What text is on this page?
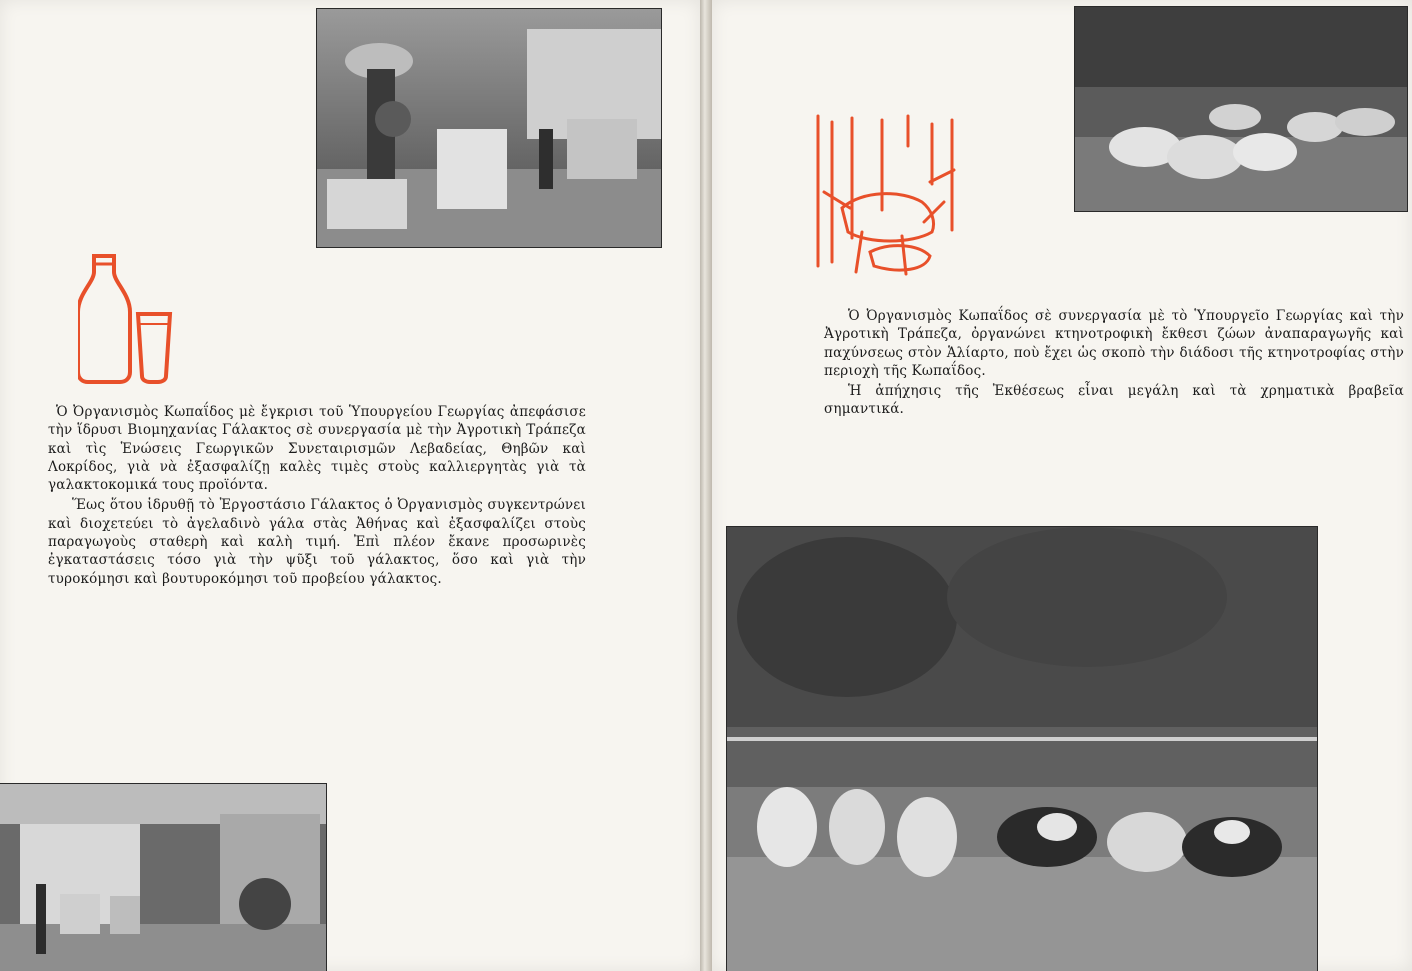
Ὁ Ὀργανισμὸς Κωπαΐδος μὲ ἔγκρισι τοῦ Ὑπουργείου Γεωργίας ἀπεφάσισε τὴν ἵδρυσι Βιομηχανίας Γάλακτος σὲ συνεργασία μὲ τὴν Ἀγροτικὴ Τράπεζα καὶ τὶς Ἑνώσεις Γεωργικῶν Συνεταιρισμῶν Λεβαδείας, Θηβῶν καὶ Λοκρίδος, γιὰ νὰ ἐξασφαλίζῃ καλὲς τιμὲς στοὺς καλλιεργητὰς γιὰ τὰ γαλακτοκομικά τους προϊόντα.

Ἕως ὅτου ἱδρυθῇ τὸ Ἐργοστάσιο Γάλακτος ὁ Ὀργανισμὸς συγκεντρώνει καὶ διοχετεύει τὸ ἀγελαδινὸ γάλα στὰς Ἀθήνας καὶ ἐξασφαλίζει στοὺς παραγωγοὺς σταθερὴ καὶ καλὴ τιμή. Ἐπὶ πλέον ἔκανε προσωρινὲς ἐγκαταστάσεις τόσο γιὰ τὴν ψῦξι τοῦ γάλακτος, ὅσο καὶ γιὰ τὴν τυροκόμησι καὶ βουτυροκόμησι τοῦ προβείου γάλακτος.

Ὁ Ὀργανισμὸς Κωπαΐδος σὲ συνεργασία μὲ τὸ Ὑπουργεῖο Γεωργίας καὶ τὴν Ἀγροτικὴ Τράπεζα, ὀργανώνει κτηνοτροφικὴ ἔκθεσι ζώων ἀναπαραγωγῆς καὶ παχύνσεως στὸν Ἁλίαρτο, ποὺ ἔχει ὡς σκοπὸ τὴν διάδοσι τῆς κτηνοτροφίας στὴν περιοχὴ τῆς Κωπαΐδος.

Ἡ ἀπήχησις τῆς Ἐκθέσεως εἶναι μεγάλη καὶ τὰ χρηματικὰ βραβεῖα σημαντικά.
